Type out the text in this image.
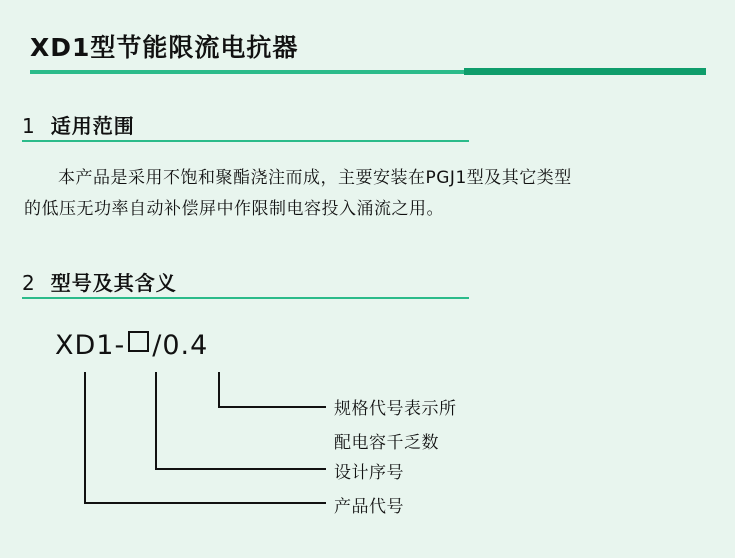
XD1型节能限流电抗器
1 适用范围
本产品是采用不饱和聚酯浇注而成，主要安装在PGJ1型及其它类型
的低压无功率自动补偿屏中作限制电容投入涌流之用。
2 型号及其含义
XD1- /0.4
规格代号表示所
配电容千乏数
设计序号
产品代号
